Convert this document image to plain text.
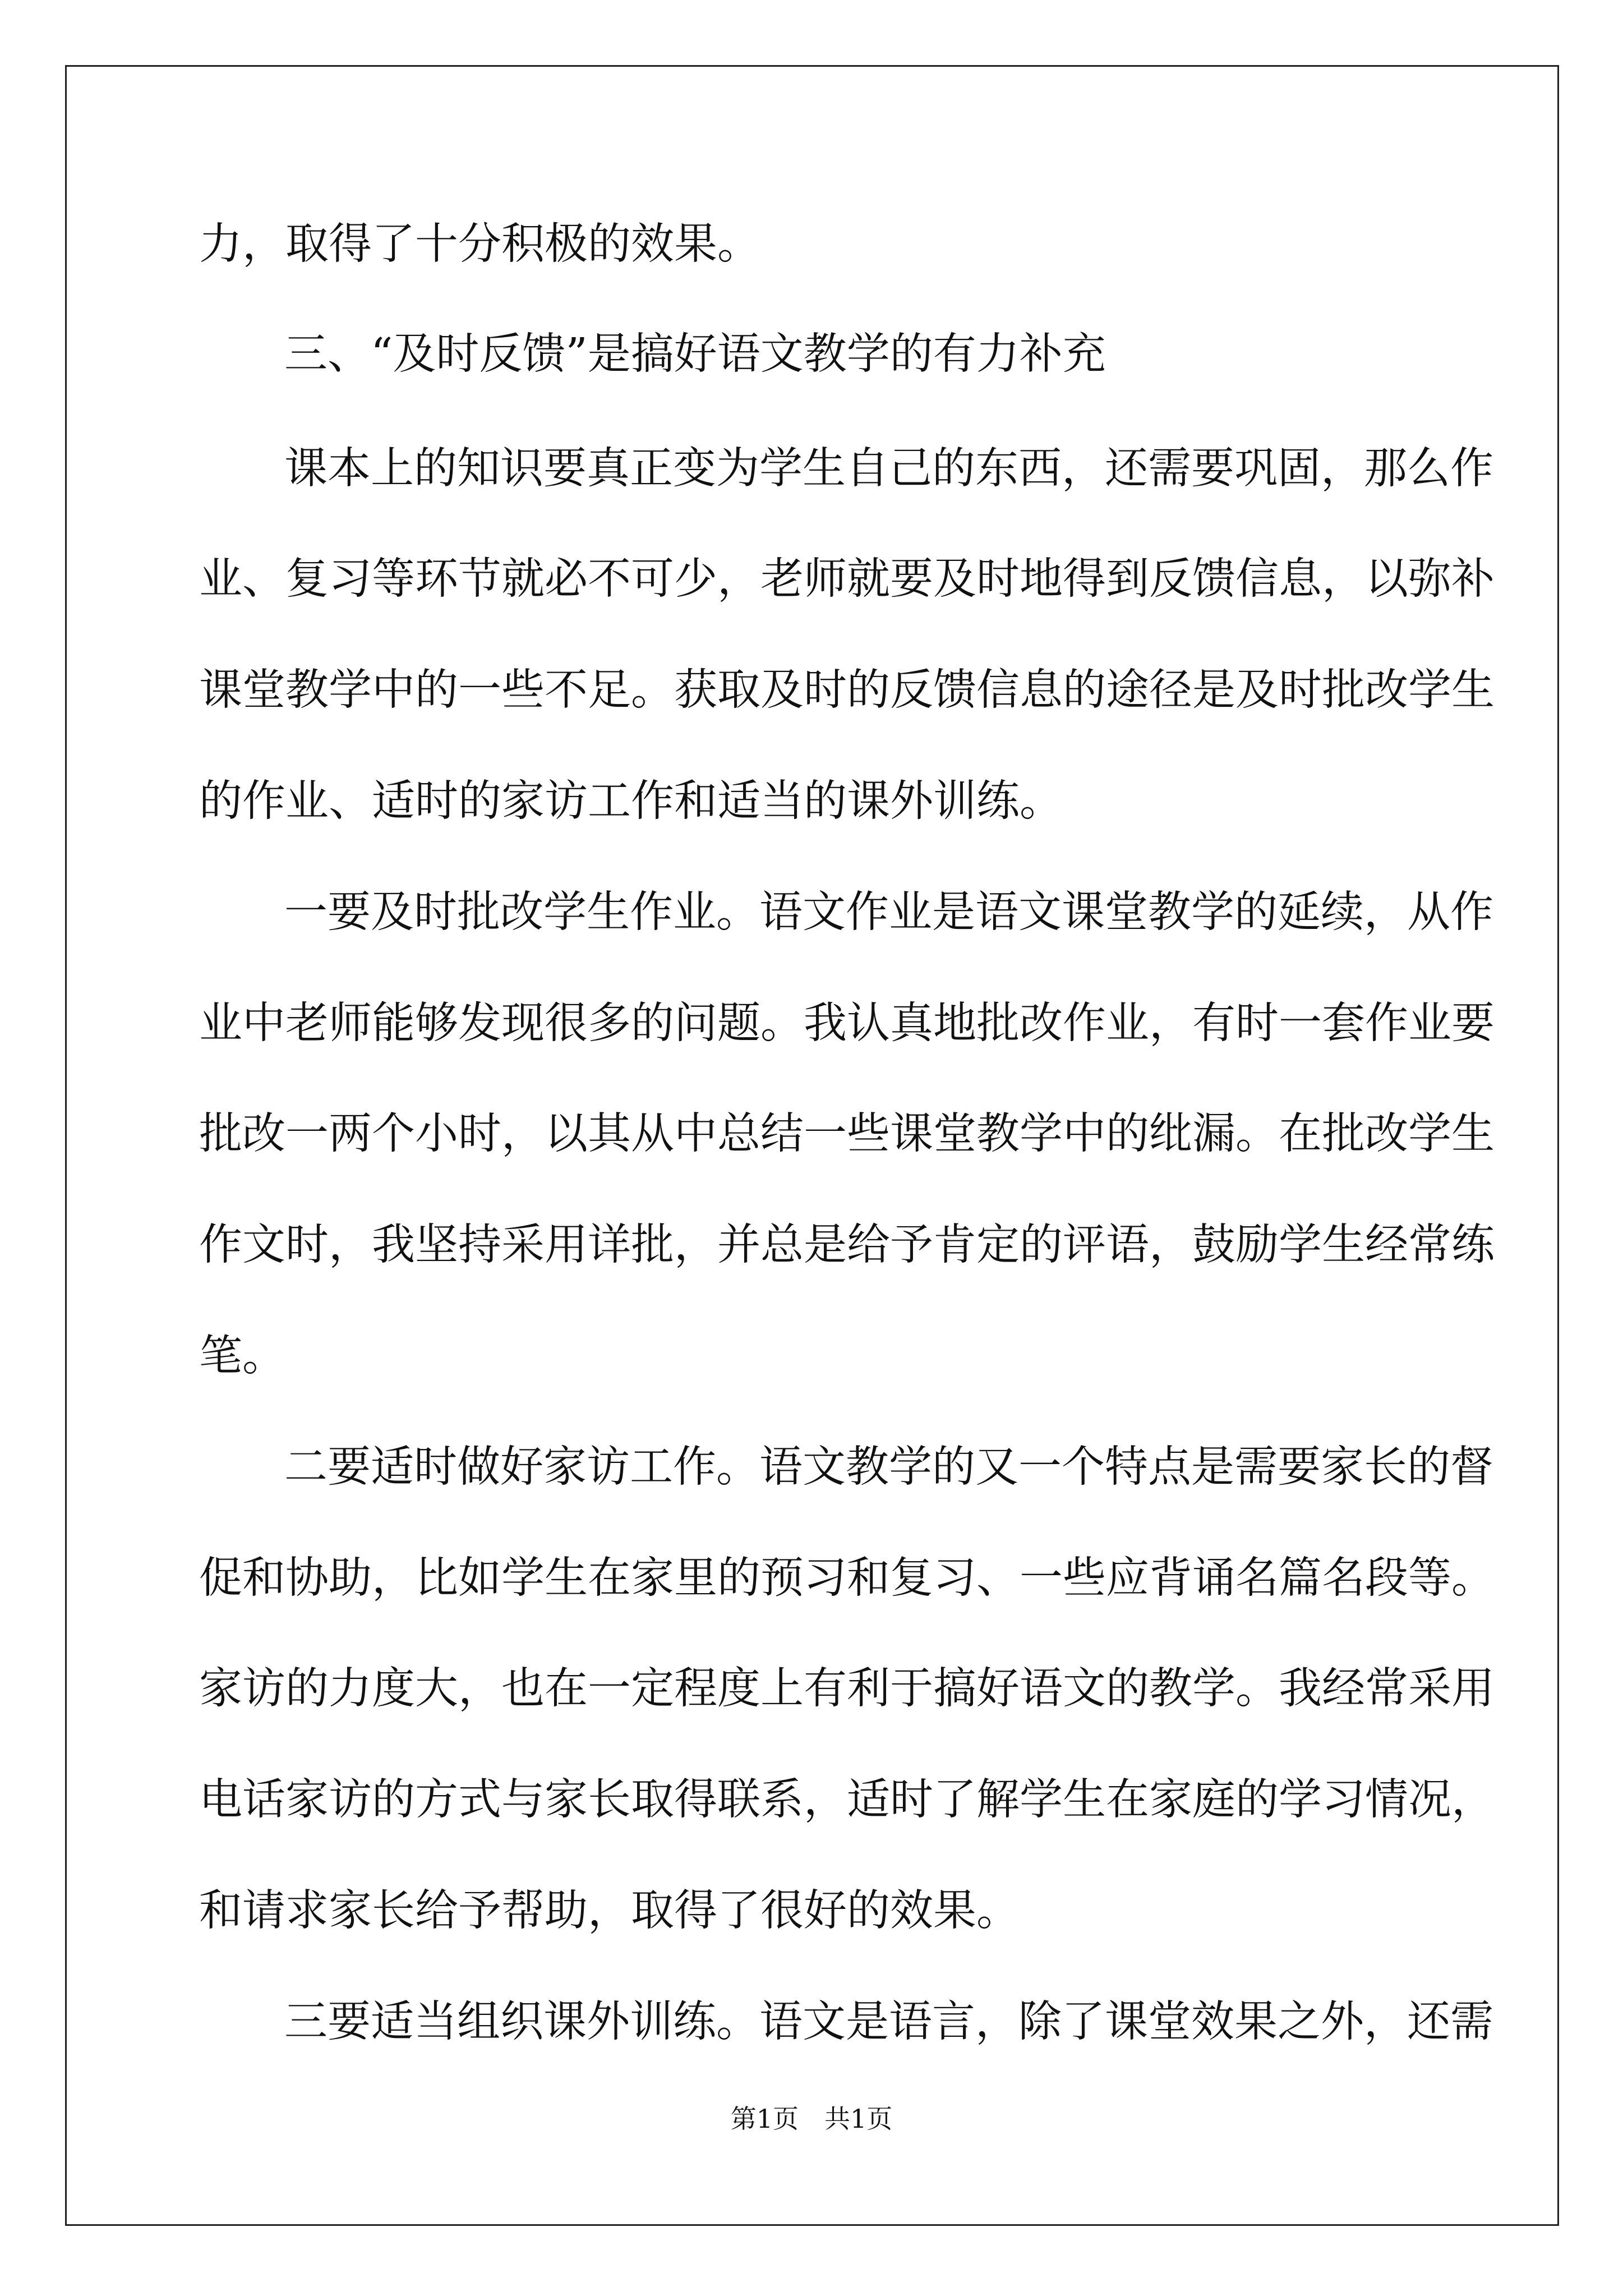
力，取得了十分积极的效果。
三、“及时反馈”是搞好语文教学的有力补充
课本上的知识要真正变为学生自己的东西，还需要巩固，那么作
业、复习等环节就必不可少，老师就要及时地得到反馈信息，以弥补
课堂教学中的一些不足。获取及时的反馈信息的途径是及时批改学生
的作业、适时的家访工作和适当的课外训练。
一要及时批改学生作业。语文作业是语文课堂教学的延续，从作
业中老师能够发现很多的问题。我认真地批改作业，有时一套作业要
批改一两个小时，以其从中总结一些课堂教学中的纰漏。在批改学生
作文时，我坚持采用详批，并总是给予肯定的评语，鼓励学生经常练
笔。
二要适时做好家访工作。语文教学的又一个特点是需要家长的督
促和协助，比如学生在家里的预习和复习、一些应背诵名篇名段等。
家访的力度大，也在一定程度上有利于搞好语文的教学。我经常采用
电话家访的方式与家长取得联系，适时了解学生在家庭的学习情况，
和请求家长给予帮助，取得了很好的效果。
三要适当组织课外训练。语文是语言，除了课堂效果之外，还需
第1页　共1页
